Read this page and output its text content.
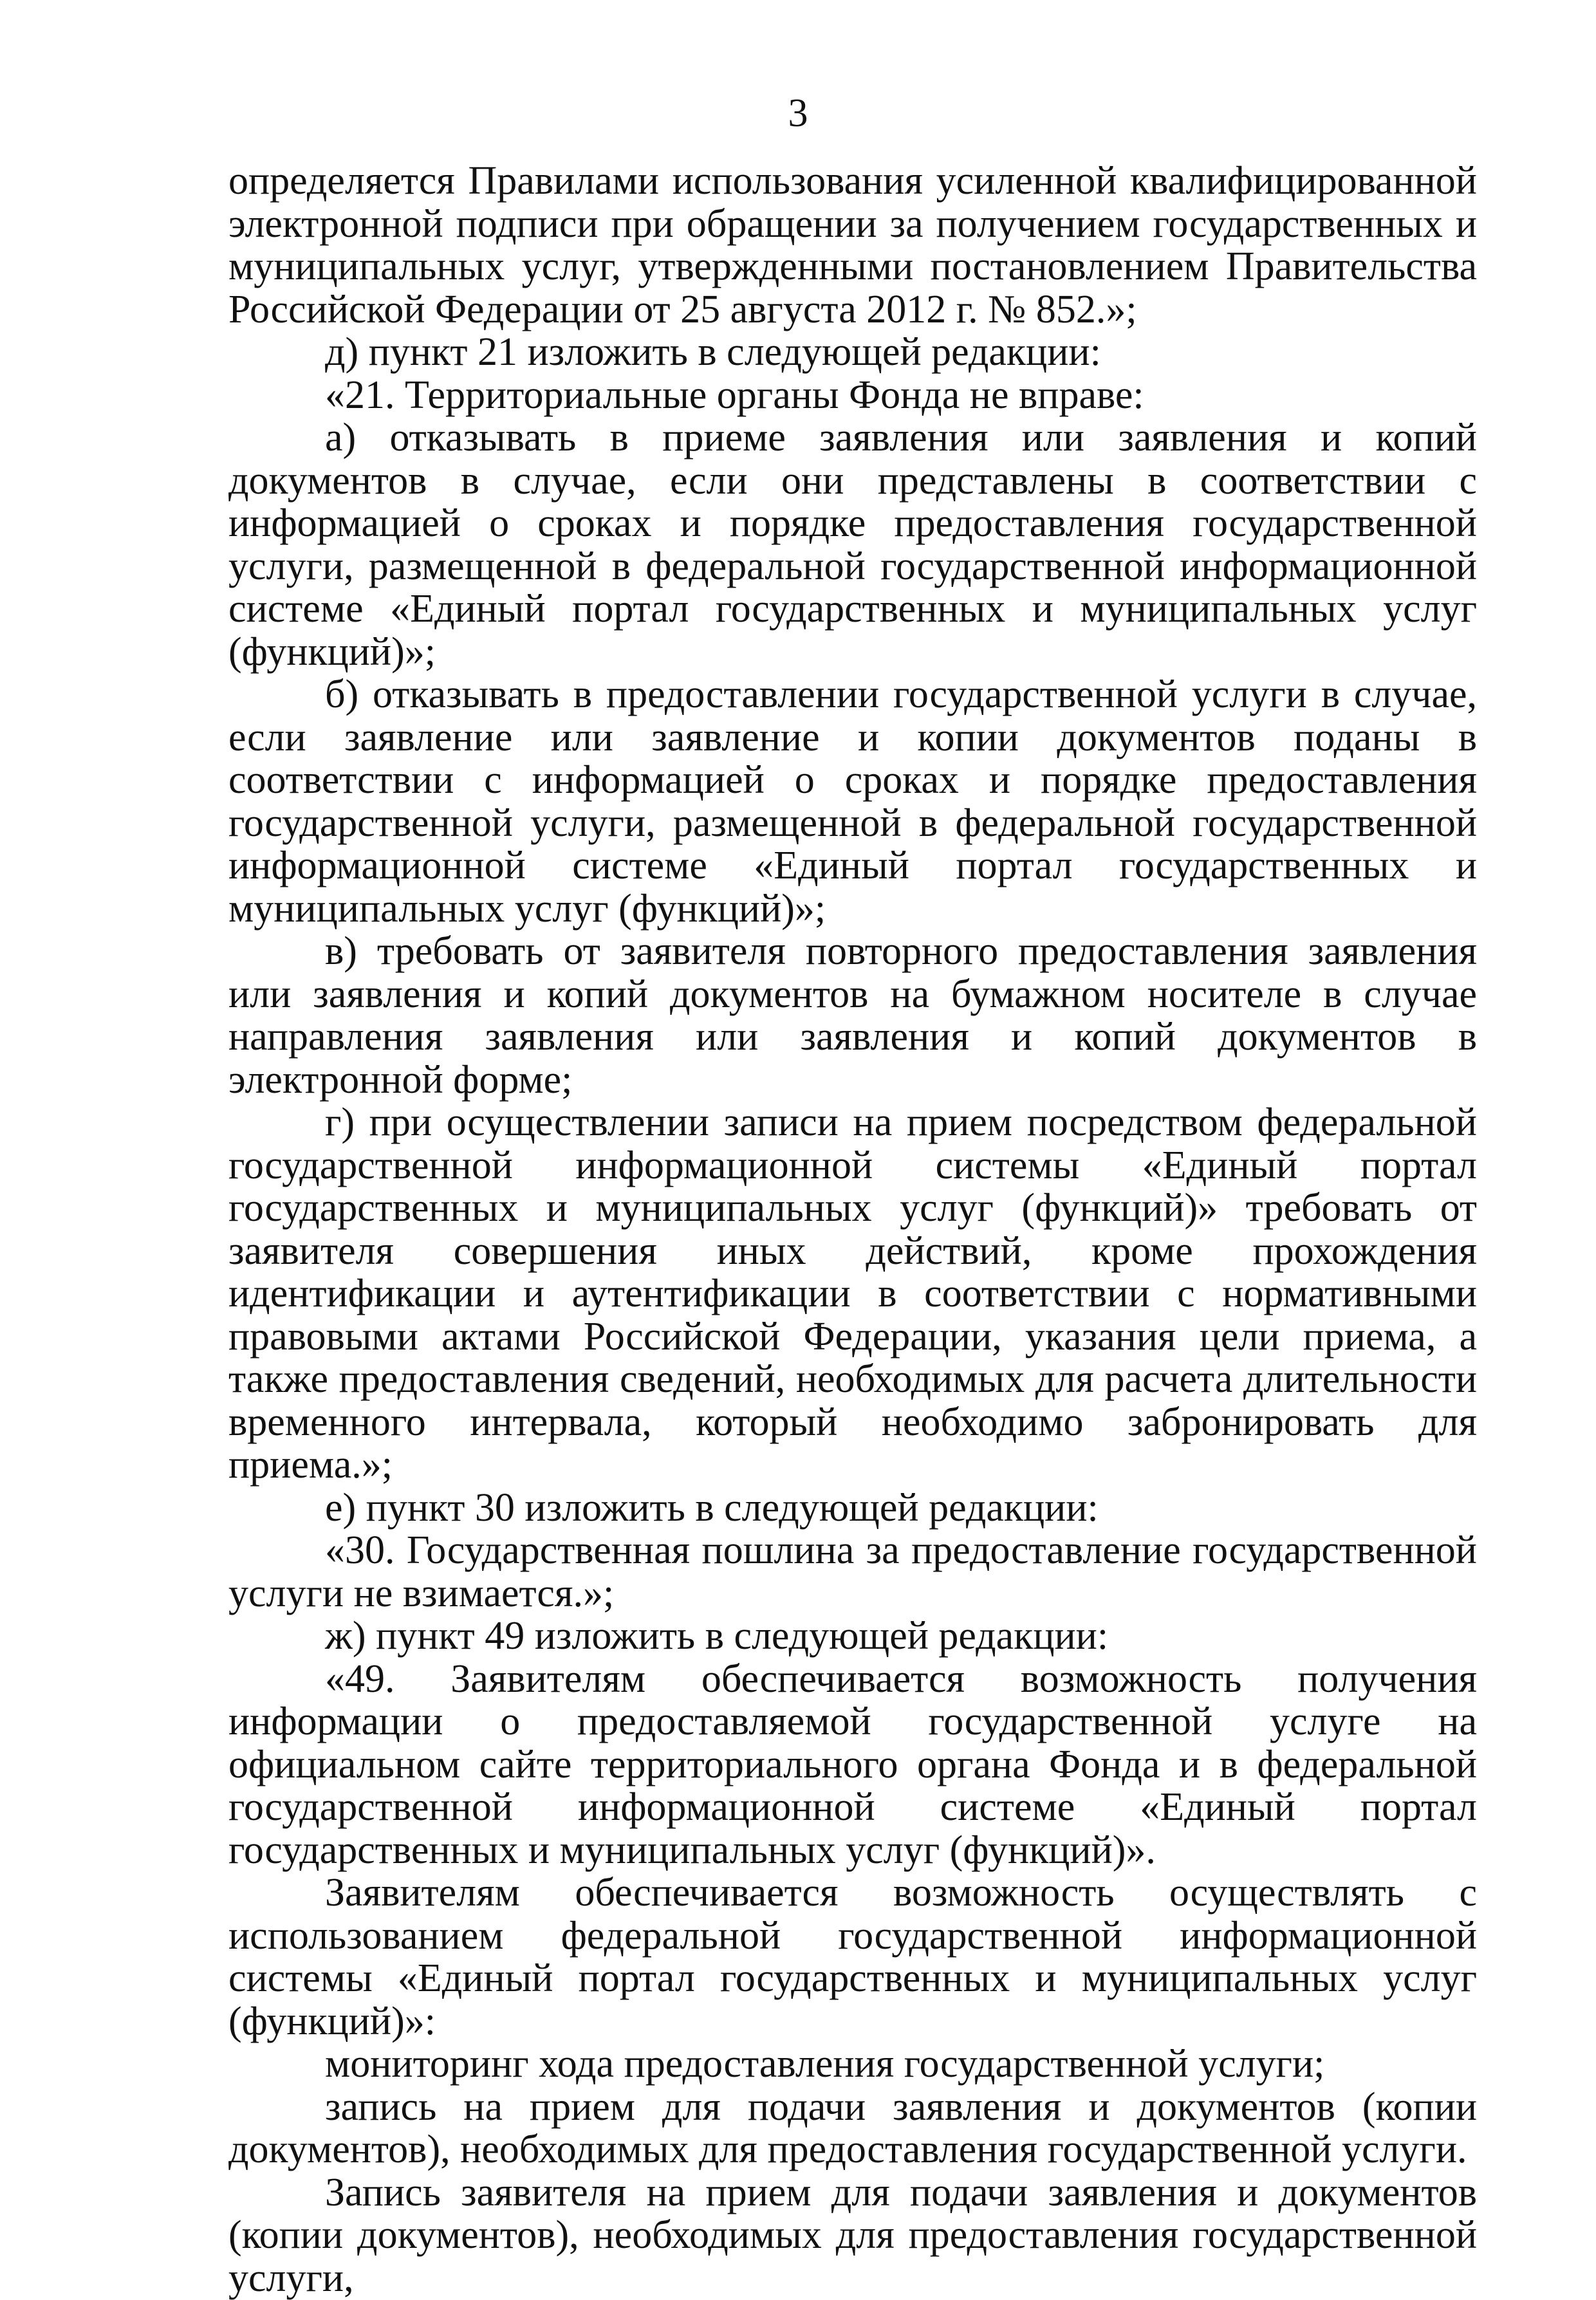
3

определяется Правилами использования усиленной квалифицированной электронной подписи при обращении за получением государственных и муниципальных услуг, утвержденными постановлением Правительства Российской Федерации от 25 августа 2012 г. № 852.»;

д) пункт 21 изложить в следующей редакции:

«21. Территориальные органы Фонда не вправе:

а) отказывать в приеме заявления или заявления и копий документов в случае, если они представлены в соответствии с информацией о сроках и порядке предоставления государственной услуги, размещенной в федеральной государственной информационной системе «Единый портал государственных и муниципальных услуг (функций)»;

б) отказывать в предоставлении государственной услуги в случае, если заявление или заявление и копии документов поданы в соответствии с информацией о сроках и порядке предоставления государственной услуги, размещенной в федеральной государственной информационной системе «Единый портал государственных и муниципальных услуг (функций)»;

в) требовать от заявителя повторного предоставления заявления или заявления и копий документов на бумажном носителе в случае направления заявления или заявления и копий документов в электронной форме;

г) при осуществлении записи на прием посредством федеральной государственной информационной системы «Единый портал государственных и муниципальных услуг (функций)» требовать от заявителя совершения иных действий, кроме прохождения идентификации и аутентификации в соответствии с нормативными правовыми актами Российской Федерации, указания цели приема, а также предоставления сведений, необходимых для расчета длительности временного интервала, который необходимо забронировать для приема.»;

е) пункт 30 изложить в следующей редакции:

«30. Государственная пошлина за предоставление государственной услуги не взимается.»;

ж) пункт 49 изложить в следующей редакции:

«49. Заявителям обеспечивается возможность получения информации о предоставляемой государственной услуге на официальном сайте территориального органа Фонда и в федеральной государственной информационной системе «Единый портал государственных и муниципальных услуг (функций)».

Заявителям обеспечивается возможность осуществлять с использованием федеральной государственной информационной системы «Единый портал государственных и муниципальных услуг (функций)»:

мониторинг хода предоставления государственной услуги;

запись на прием для подачи заявления и документов (копии документов), необходимых для предоставления государственной услуги.

Запись заявителя на прием для подачи заявления и документов (копии документов), необходимых для предоставления государственной услуги,
